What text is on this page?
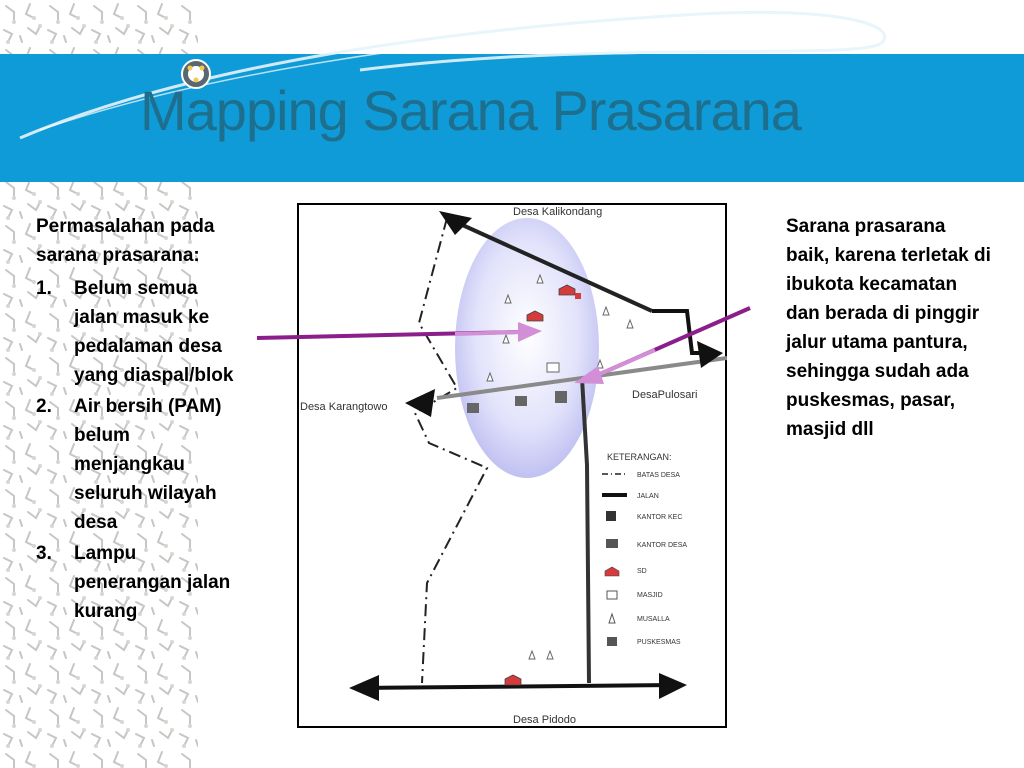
Mapping Sarana Prasarana
Permasalahan pada sarana prasarana:
1. Belum semua jalan masuk ke pedalaman desa yang diaspal/blok
2. Air bersih (PAM) belum menjangkau seluruh wilayah desa
3. Lampu penerangan jalan kurang
Sarana prasarana baik, karena terletak di ibukota kecamatan dan berada di pinggir jalur utama pantura, sehingga sudah ada puskesmas, pasar, masjid dll
Desa Kalikondang
Desa Karangtowo
DesaPulosari
Desa Pidodo
KETERANGAN:
BATAS DESA
JALAN
KANTOR KEC
KANTOR DESA
SD
MASJID
MUSALLA
PUSKESMAS
